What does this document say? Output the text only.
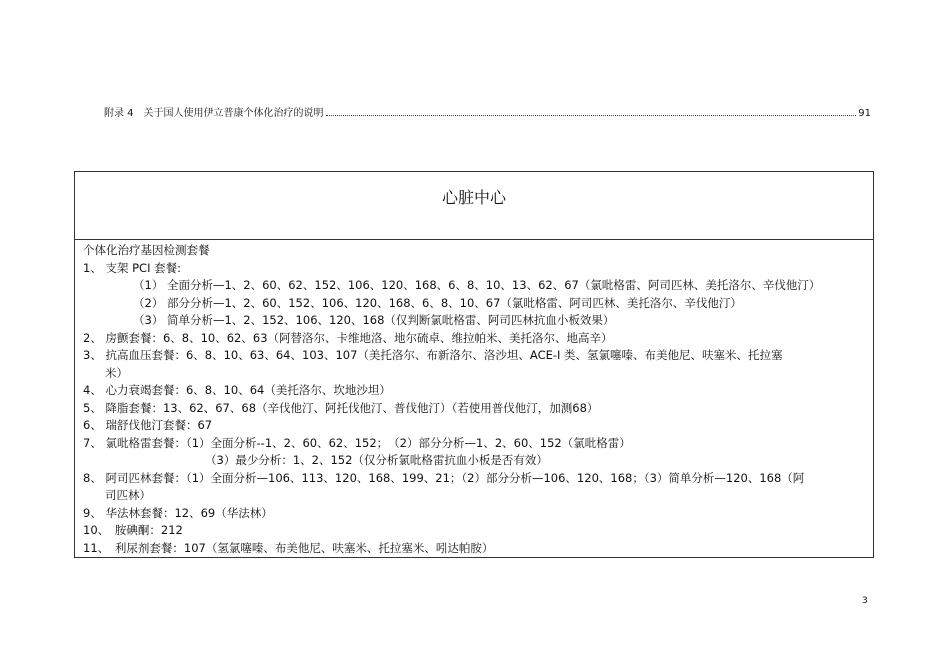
附录 4　关于国人使用伊立普康个体化治疗的说明	91
心脏中心
个体化治疗基因检测套餐
1、 支架 PCI 套餐:
（1） 全面分析—1、2、60、62、152、106、120、168、6、8、10、13、62、67（氯吡格雷、阿司匹林、美托洛尔、辛伐他汀）
（2） 部分分析—1、2、60、152、106、120、168、6、8、10、67（氯吡格雷、阿司匹林、美托洛尔、辛伐他汀）
（3） 简单分析—1、2、152、106、120、168（仅判断氯吡格雷、阿司匹林抗血小板效果）
2、 房颤套餐：6、8、10、62、63（阿替洛尔、卡维地洛、地尔硫卓、维拉帕米、美托洛尔、地高辛）
3、 抗高血压套餐：6、8、10、63、64、103、107（美托洛尔、布新洛尔、洛沙坦、ACE-I 类、氢氯噻嗪、布美他尼、呋塞米、托拉塞
米）
4、 心力衰竭套餐：6、8、10、64（美托洛尔、坎地沙坦）
5、 降脂套餐：13、62、67、68（辛伐他汀、阿托伐他汀、普伐他汀）（若使用普伐他汀，加测68）
6、 瑞舒伐他汀套餐：67
7、 氯吡格雷套餐：（1）全面分析--1、2、60、62、152；　（2）部分分析—1、2、60、152（氯吡格雷）
（3）最少分析：1、2、152（仅分析氯吡格雷抗血小板是否有效）
8、 阿司匹林套餐：（1）全面分析—106、113、120、168、199、21；（2）部分分析—106、120、168；（3）简单分析—120、168（阿
司匹林）
9、 华法林套餐：12、69（华法林）
10、　胺碘酮：212
11、　利尿剂套餐：107（氢氯噻嗪、布美他尼、呋塞米、托拉塞米、吲达帕胺）
3
